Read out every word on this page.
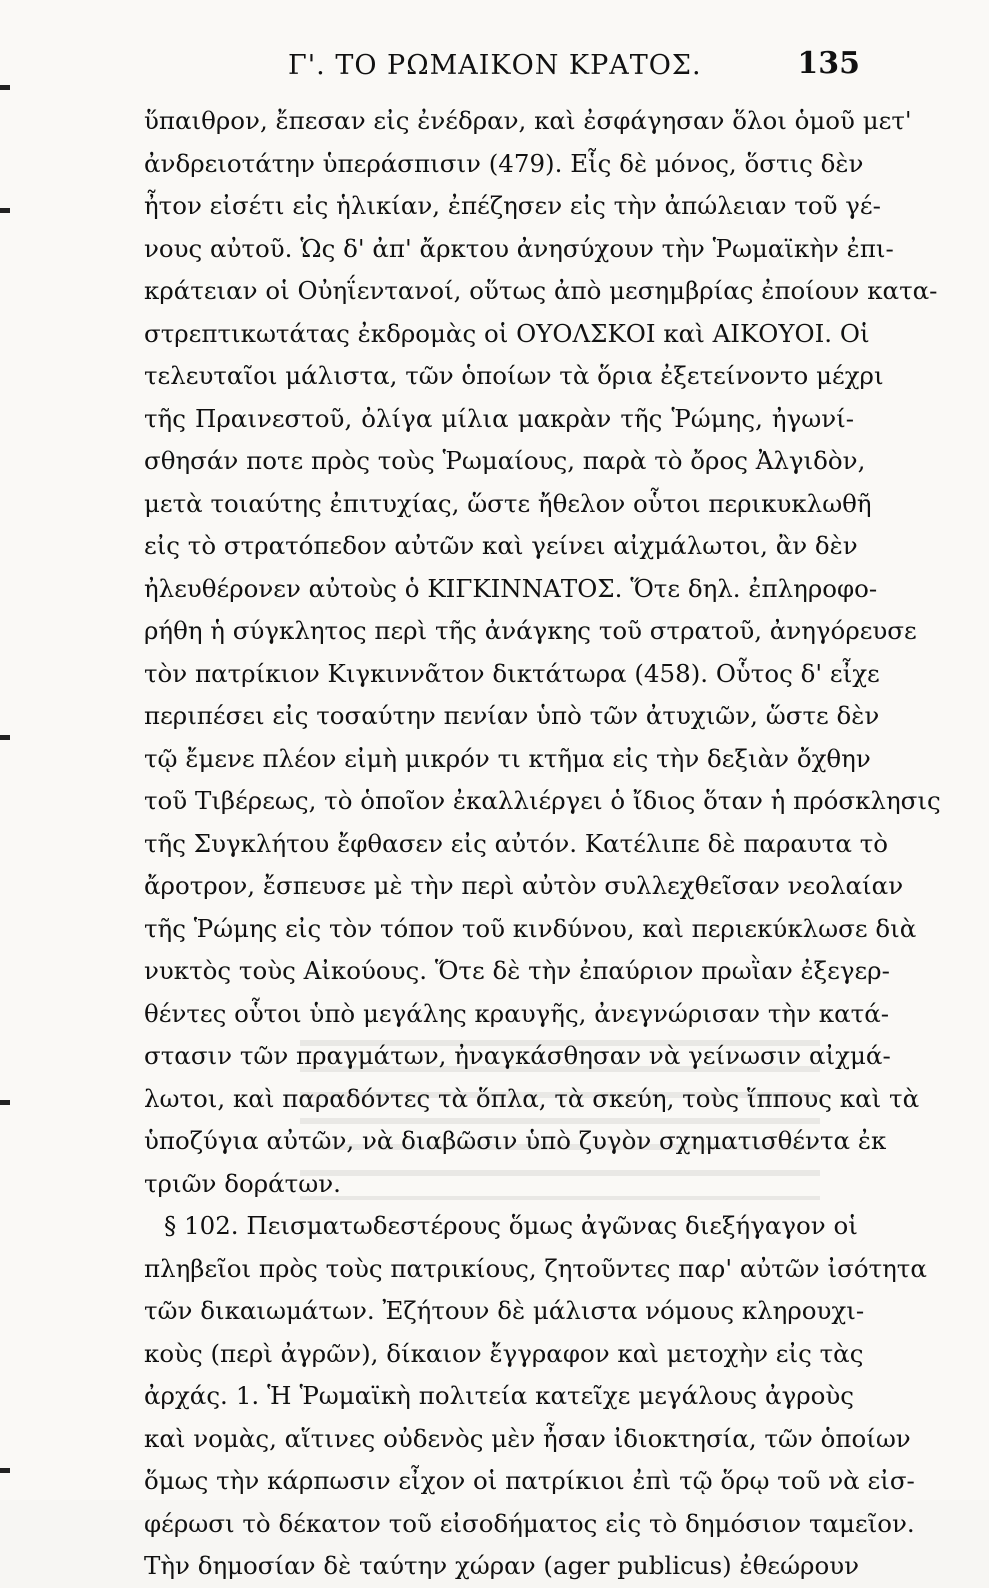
Γ'. ΤΟ ΡΩΜΑΙΚΟΝ ΚΡΑΤΟΣ.	135
ὕπαιθρον, ἔπεσαν εἰς ἐνέδραν, καὶ ἐσφάγησαν ὅλοι ὁμοῦ μετ'
ἀνδρειοτάτην ὑπεράσπισιν (479). Εἷς δὲ μόνος, ὅστις δὲν
ἦτον εἰσέτι εἰς ἡλικίαν, ἐπέζησεν εἰς τὴν ἀπώλειαν τοῦ γέ-
νους αὐτοῦ. Ὡς δ' ἀπ' ἄρκτου ἀνησύχουν τὴν Ῥωμαϊκὴν ἐπι-
κράτειαν οἱ Οὐηΐεντανοί, οὕτως ἀπὸ μεσημβρίας ἐποίουν κατα-
στρεπτικωτάτας ἐκδρομὰς οἱ ΟΥΟΛΣΚΟΙ καὶ ΑΙΚΟΥΟΙ. Οἱ
τελευταῖοι μάλιστα, τῶν ὁποίων τὰ ὅρια ἐξετείνοντο μέχρι
τῆς Πραινεστοῦ, ὀλίγα μίλια μακρὰν τῆς Ῥώμης, ἠγωνί-
σθησάν ποτε πρὸς τοὺς Ῥωμαίους, παρὰ τὸ ὄρος Ἀλγιδὸν,
μετὰ τοιαύτης ἐπιτυχίας, ὥστε ἤθελον οὗτοι περικυκλωθῆ
εἰς τὸ στρατόπεδον αὐτῶν καὶ γείνει αἰχμάλωτοι, ἂν δὲν
ἠλευθέρονεν αὐτοὺς ὁ ΚΙΓΚΙΝΝΑΤΟΣ. Ὅτε δηλ. ἐπληροφο-
ρήθη ἡ σύγκλητος περὶ τῆς ἀνάγκης τοῦ στρατοῦ, ἀνηγόρευσε
τὸν πατρίκιον Κιγκιννᾶτον δικτάτωρα (458). Οὗτος δ' εἶχε
περιπέσει εἰς τοσαύτην πενίαν ὑπὸ τῶν ἀτυχιῶν, ὥστε δὲν
τῷ ἔμενε πλέον εἰμὴ μικρόν τι κτῆμα εἰς τὴν δεξιὰν ὄχθην
τοῦ Τιβέρεως, τὸ ὁποῖον ἐκαλλιέργει ὁ ἴδιος ὅταν ἡ πρόσκλησις
τῆς Συγκλήτου ἔφθασεν εἰς αὐτόν. Κατέλιπε δὲ παραυτα τὸ
ἄροτρον, ἔσπευσε μὲ τὴν περὶ αὐτὸν συλλεχθεῖσαν νεολαίαν
τῆς Ῥώμης εἰς τὸν τόπον τοῦ κινδύνου, καὶ περιεκύκλωσε διὰ
νυκτὸς τοὺς Αἰκούους. Ὅτε δὲ τὴν ἐπαύριον πρωῒαν ἐξεγερ-
θέντες οὗτοι ὑπὸ μεγάλης κραυγῆς, ἀνεγνώρισαν τὴν κατά-
στασιν τῶν πραγμάτων, ἠναγκάσθησαν νὰ γείνωσιν αἰχμά-
λωτοι, καὶ παραδόντες τὰ ὅπλα, τὰ σκεύη, τοὺς ἵππους καὶ τὰ
ὑποζύγια αὐτῶν, νὰ διαβῶσιν ὑπὸ ζυγὸν σχηματισθέντα ἐκ
τριῶν δοράτων.
§ 102. Πεισματωδεστέρους ὅμως ἀγῶνας διεξήγαγον οἱ
πληβεῖοι πρὸς τοὺς πατρικίους, ζητοῦντες παρ' αὐτῶν ἰσότητα
τῶν δικαιωμάτων. Ἐζήτουν δὲ μάλιστα νόμους κληρουχι-
κοὺς (περὶ ἀγρῶν), δίκαιον ἔγγραφον καὶ μετοχὴν εἰς τὰς
ἀρχάς. 1. Ἡ Ῥωμαϊκὴ πολιτεία κατεῖχε μεγάλους ἀγροὺς
καὶ νομὰς, αἵτινες οὐδενὸς μὲν ἦσαν ἰδιοκτησία, τῶν ὁποίων
ὅμως τὴν κάρπωσιν εἶχον οἱ πατρίκιοι ἐπὶ τῷ ὅρῳ τοῦ νὰ εἰσ-
φέρωσι τὸ δέκατον τοῦ εἰσοδήματος εἰς τὸ δημόσιον ταμεῖον.
Τὴν δημοσίαν δὲ ταύτην χώραν (ager publicus) ἐθεώρουν
